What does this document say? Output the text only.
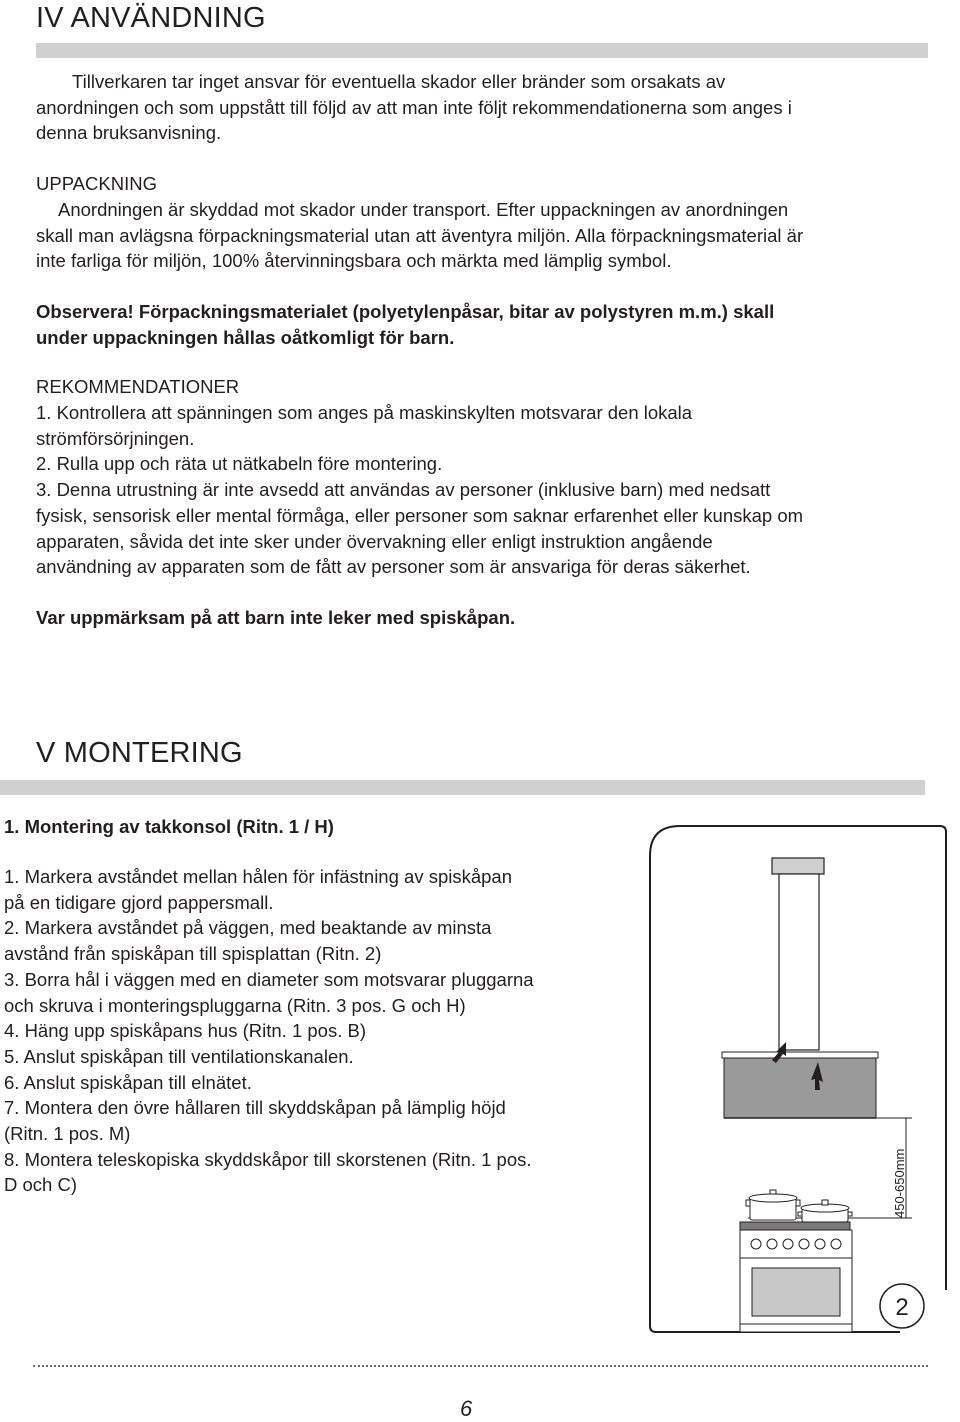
IV ANVÄNDNING

Tillverkaren tar inget ansvar för eventuella skador eller bränder som orsakats av
anordningen och som uppstått till följd av att man inte följt rekommendationerna som anges i
denna bruksanvisning.

UPPACKNING

Anordningen är skyddad mot skador under transport. Efter uppackningen av anordningen
skall man avlägsna förpackningsmaterial utan att äventyra miljön. Alla förpackningsmaterial är
inte farliga för miljön, 100% återvinningsbara och märkta med lämplig symbol.

Observera! Förpackningsmaterialet (polyetylenpåsar, bitar av polystyren m.m.) skall
under uppackningen hållas oåtkomligt för barn.

REKOMMENDATIONER

1. Kontrollera att spänningen som anges på maskinskylten motsvarar den lokala
strömförsörjningen.
2. Rulla upp och räta ut nätkabeln före montering.
3. Denna utrustning är inte avsedd att användas av personer (inklusive barn) med nedsatt
fysisk, sensorisk eller mental förmåga, eller personer som saknar erfarenhet eller kunskap om
apparaten, såvida det inte sker under övervakning eller enligt instruktion angående
användning av apparaten som de fått av personer som är ansvariga för deras säkerhet.

Var uppmärksam på att barn inte leker med spiskåpan.

V MONTERING

1. Montering av takkonsol (Ritn. 1 / H)

1. Markera avståndet mellan hålen för infästning av spiskåpan
på en tidigare gjord pappersmall.
2. Markera avståndet på väggen, med beaktande av minsta
avstånd från spiskåpan till spisplattan (Ritn. 2)
3. Borra hål i väggen med en diameter som motsvarar pluggarna
och skruva i monteringspluggarna (Ritn. 3 pos. G och H)
4. Häng upp spiskåpans hus (Ritn. 1 pos. B)
5. Anslut spiskåpan till ventilationskanalen.
6. Anslut spiskåpan till elnätet.
7. Montera den övre hållaren till skyddskåpan på lämplig höjd
(Ritn. 1 pos. M)
8. Montera teleskopiska skyddskåpor till skorstenen (Ritn. 1 pos.
D och C)	450-650mm
2
6
